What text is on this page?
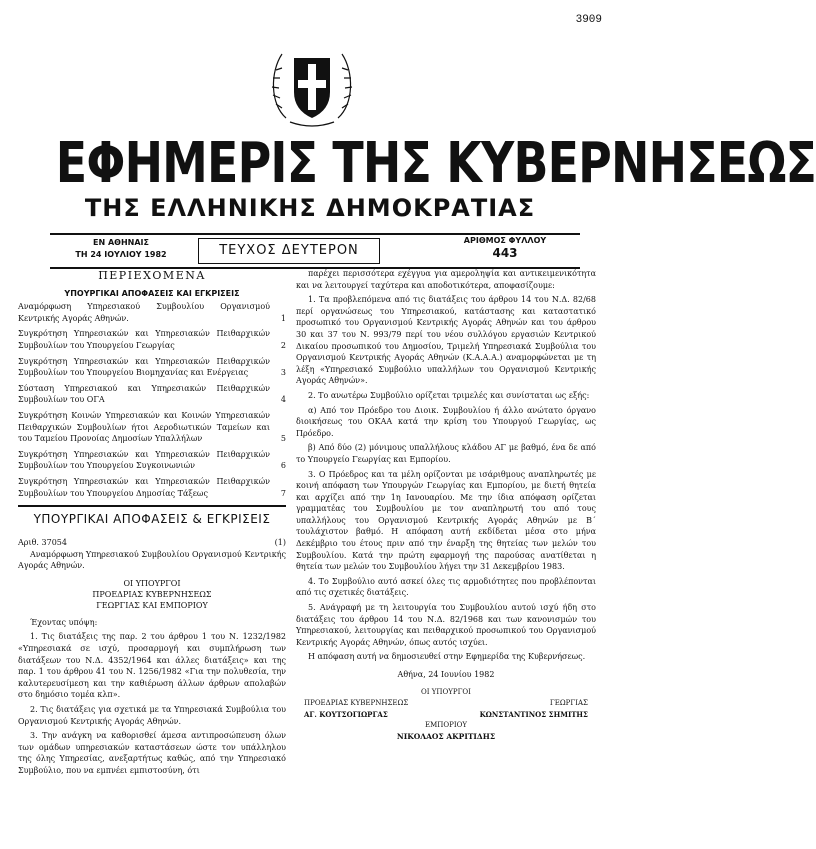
3909
ΕΦΗΜΕΡΙΣ ΤΗΣ ΚΥΒΕΡΝΗΣΕΩΣ
ΤΗΣ ΕΛΛΗΝΙΚΗΣ ΔΗΜΟΚΡΑΤΙΑΣ
ΕΝ ΑΘΗΝΑΙΣ
ΤΗ 24 ΙΟΥΛΙΟΥ 1982	ΤΕΥΧΟΣ ΔΕΥΤΕΡΟΝ
ΑΡΙΘΜΟΣ ΦΥΛΛΟΥ
443
ΠΕΡΙΕΧΟΜΕΝΑ
ΥΠΟΥΡΓΙΚΑΙ ΑΠΟΦΑΣΕΙΣ ΚΑΙ ΕΓΚΡΙΣΕΙΣ
Αναμόρφωση Υπηρεσιακού Συμβουλίου Οργανισμού Κεντρικής Αγοράς Αθηνών.	1
Συγκρότηση Υπηρεσιακών και Υπηρεσιακών Πειθαρχικών Συμβουλίων του Υπουργείου Γεωργίας	2
Συγκρότηση Υπηρεσιακών και Υπηρεσιακών Πειθαρχικών Συμβουλίων του Υπουργείου Βιομηχανίας και Ενέργειας	3
Σύσταση Υπηρεσιακού και Υπηρεσιακών Πειθαρχικών Συμβουλίων του ΟΓΑ	4
Συγκρότηση Κοινών Υπηρεσιακών και Κοινών Υπηρεσιακών Πειθαρχικών Συμβουλίων ήτοι Αεροδιωτικών Ταμείων και του Ταμείου Προνοίας Δημοσίων Υπαλλήλων	5
Συγκρότηση Υπηρεσιακών και Υπηρεσιακών Πειθαρχικών Συμβουλίων του Υπουργείου Συγκοινωνιών	6
Συγκρότηση Υπηρεσιακών και Υπηρεσιακών Πειθαρχικών Συμβουλίων του Υπουργείου Δημοσίας Τάξεως	7
ΥΠΟΥΡΓΙΚΑΙ ΑΠΟΦΑΣΕΙΣ & ΕΓΚΡΙΣΕΙΣ
Αριθ. 37054	(1)

Αναμόρφωση Υπηρεσιακού Συμβουλίου Οργανισμού Κεντρικής Αγοράς Αθηνών.

ΟΙ ΥΠΟΥΡΓΟΙ
ΠΡΟΕΔΡΙΑΣ ΚΥΒΕΡΝΗΣΕΩΣ
ΓΕΩΡΓΙΑΣ ΚΑΙ ΕΜΠΟΡΙΟΥ

Έχοντας υπόψη:

1. Τις διατάξεις της παρ. 2 του άρθρου 1 του Ν. 1232/1982 «Υπηρεσιακά σε ισχύ, προσαρμογή και συμπλήρωση των διατάξεων του Ν.Δ. 4352/1964 και άλλες διατάξεις» και της παρ. 1 του άρθρου 41 του Ν. 1256/1982 «Για την πολυθεσία, την καλυτερευσίμεση και την καθιέρωση άλλων άρθρων απολαβών στο δημόσιο τομέα κλπ».

2. Τις διατάξεις για σχετικά με τα Υπηρεσιακά Συμβούλια του Οργανισμού Κεντρικής Αγοράς Αθηνών.

3. Την ανάγκη να καθορισθεί άμεσα αντιπροσώπευση όλων των ομάδων υπηρεσιακών καταστάσεων ώστε τον υπάλληλου της όλης Υπηρεσίας, ανεξαρτήτως καθώς, από την Υπηρεσιακό Συμβούλιο, που να εμπνέει εμπιστοσύνη, ότι

παρέχει περισσότερα εχέγγυα για αμεροληψία και αντικειμενικότητα και να λειτουργεί ταχύτερα και αποδοτικότερα, αποφασίζουμε:

1. Τα προβλεπόμενα από τις διατάξεις του άρθρου 14 του Ν.Δ. 82/68 περί οργανώσεως του Υπηρεσιακού, κατάστασης και καταστατικό προσωπικό του Οργανισμού Κεντρικής Αγοράς Αθηνών και του άρθρου 30 και 37 του Ν. 993/79 περί του νέου συλλόγου εργασιών Κεντρικού Δικαίου προσωπικού του Δημοσίου, Τριμελή Υπηρεσιακά Συμβούλια του Οργανισμού Κεντρικής Αγοράς Αθηνών (Κ.Α.Α.Α.) αναμορφώνεται με τη λέξη «Υπηρεσιακό Συμβούλιο υπαλλήλων του Οργανισμού Κεντρικής Αγοράς Αθηνών».

2. Το ανωτέρω Συμβούλιο ορίζεται τριμελές και συνίσταται ως εξής:

α) Από τον Πρόεδρο του Διοικ. Συμβουλίου ή άλλο ανώτατο όργανο διοικήσεως του ΟΚΑΑ κατά την κρίση του Υπουργού Γεωργίας, ως Πρόεδρο.

β) Από δύο (2) μόνιμους υπαλλήλους κλάδου ΑΓ με βαθμό, ένα δε από το Υπουργείο Γεωργίας και Εμπορίου.

3. Ο Πρόεδρος και τα μέλη ορίζονται με ισάριθμους αναπληρωτές με κοινή απόφαση των Υπουργών Γεωργίας και Εμπορίου, με διετή θητεία και αρχίζει από την 1η Ιανουαρίου. Με την ίδια απόφαση ορίζεται γραμματέας του Συμβουλίου με τον αναπληρωτή του από τους υπαλλήλους του Οργανισμού Κεντρικής Αγοράς Αθηνών με Β΄ τουλάχιστον βαθμό. Η απόφαση αυτή εκδίδεται μέσα στο μήνα Δεκέμβριο του έτους πριν από την έναρξη της θητείας των μελών του Συμβουλίου. Κατά την πρώτη εφαρμογή της παρούσας ανατίθεται η θητεία των μελών του Συμβουλίου λήγει την 31 Δεκεμβρίου 1983.

4. Το Συμβούλιο αυτό ασκεί όλες τις αρμοδιότητες που προβλέπονται από τις σχετικές διατάξεις.

5. Ανάγραφή με τη λειτουργία του Συμβουλίου αυτού ισχύ ήδη στο διατάξεις του άρθρου 14 του Ν.Δ. 82/1968 και των κανονισμών του Υπηρεσιακού, λειτουργίας και πειθαρχικού προσωπικού του Οργανισμού Κεντρικής Αγοράς Αθηνών, όπως αυτός ισχύει.

Η απόφαση αυτή να δημοσιευθεί στην Εφημερίδα της Κυβερνήσεως.

Αθήνα, 24 Ιουνίου 1982
ΟΙ ΥΠΟΥΡΓΟΙ
ΠΡΟΕΔΡΙΑΣ ΚΥΒΕΡΝΗΣΕΩΣ	ΓΕΩΡΓΙΑΣ
ΑΓ. ΚΟΥΤΣΟΓΙΩΡΓΑΣ	ΚΩΝΣΤΑΝΤΙΝΟΣ ΣΗΜΙΤΗΣ
ΕΜΠΟΡΙΟΥ
ΝΙΚΟΛΑΟΣ ΑΚΡΙΤΙΔΗΣ
